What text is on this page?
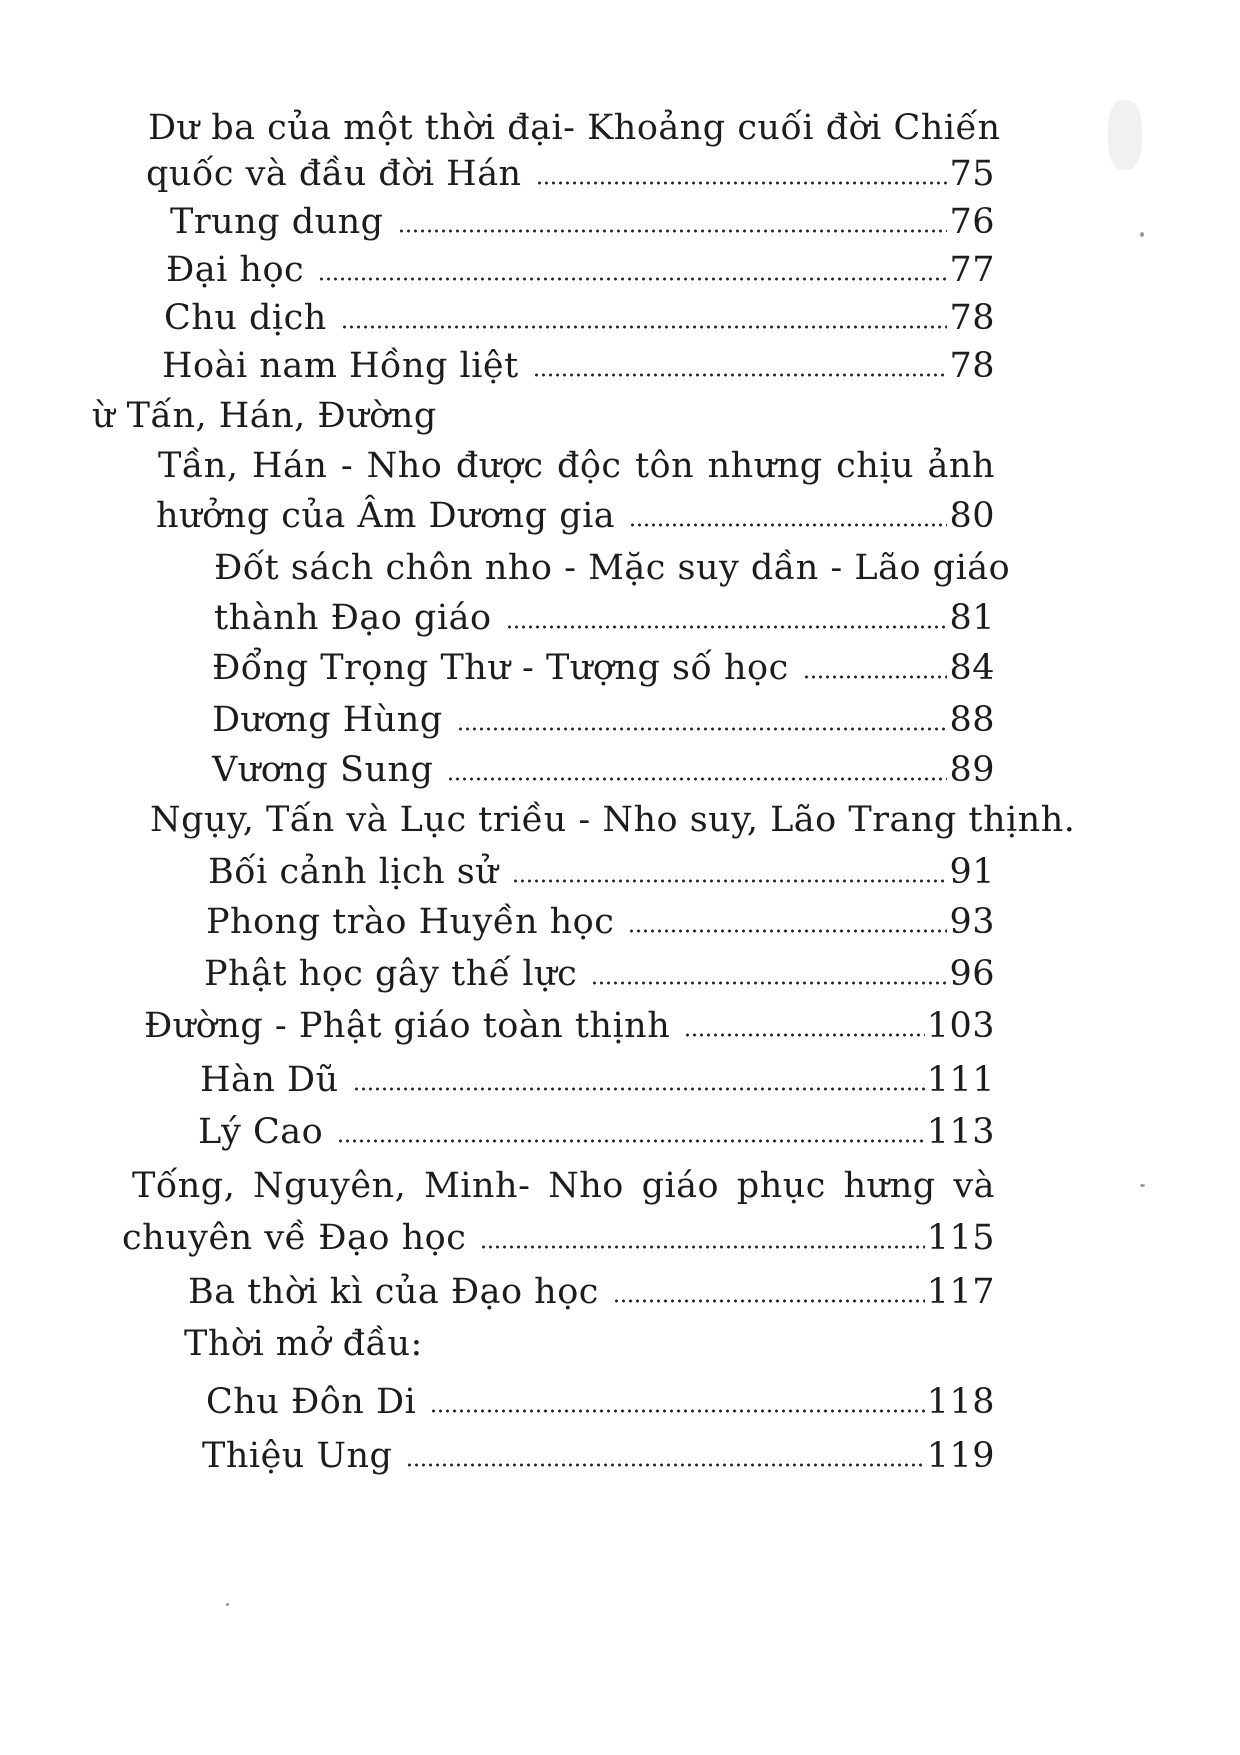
Dư ba của một thời đại- Khoảng cuối đời Chiến
quốc và đầu đời Hán	75
Trung dung	76
Đại học	77
Chu dịch	78
Hoài nam Hồng liệt	78
ừ Tấn, Hán, Đường
Tần, Hán - Nho được độc tôn nhưng chịu ảnh
hưởng của Âm Dương gia	80
Đốt sách chôn nho - Mặc suy dần - Lão giáo
thành Đạo giáo	81
Đổng Trọng Thư - Tượng số học	84
Dương Hùng	88
Vương Sung	89
Ngụy, Tấn và Lục triều - Nho suy, Lão Trang thịnh.
Bối cảnh lịch sử	91
Phong trào Huyền học	93
Phật học gây thế lực	96
Đường - Phật giáo toàn thịnh	103
Hàn Dũ	111
Lý Cao	113
Tống, Nguyên, Minh- Nho giáo phục hưng và
chuyên về Đạo học	115
Ba thời kì của Đạo học	117
Thời mở đầu:
Chu Đôn Di	118
Thiệu Ung	119
